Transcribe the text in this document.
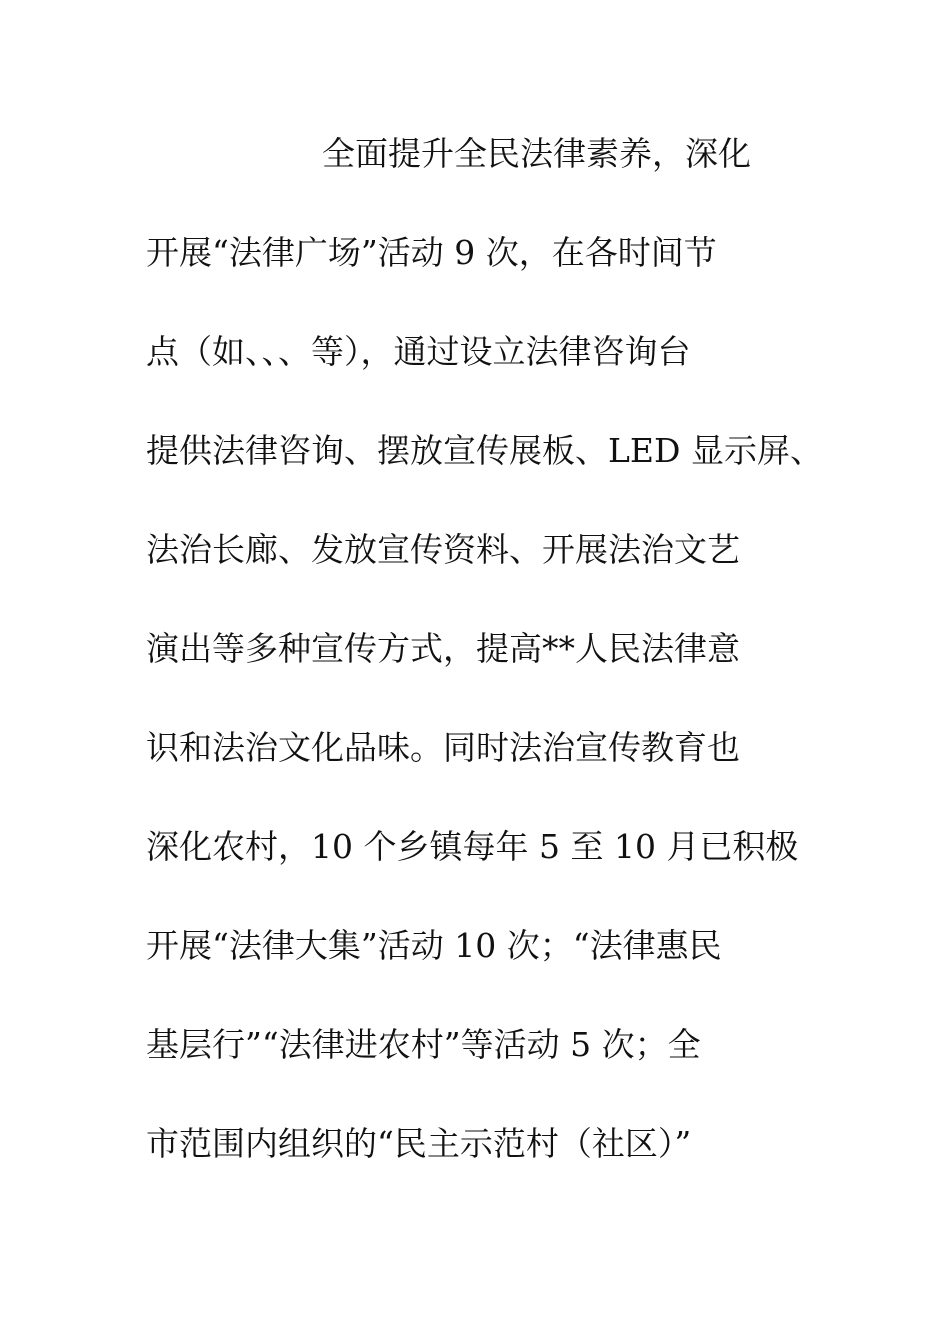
全面提升全民法律素养，深化
开展“法律广场”活动 9 次，在各时间节
点（如、、、等），通过设立法律咨询台
提供法律咨询、摆放宣传展板、LED 显示屏、
法治长廊、发放宣传资料、开展法治文艺
演出等多种宣传方式，提高**人民法律意
识和法治文化品味。同时法治宣传教育也
深化农村，10 个乡镇每年 5 至 10 月已积极
开展“法律大集”活动 10 次；“法律惠民
基层行”“法律进农村”等活动 5 次；全
市范围内组织的“民主示范村（社区）”
